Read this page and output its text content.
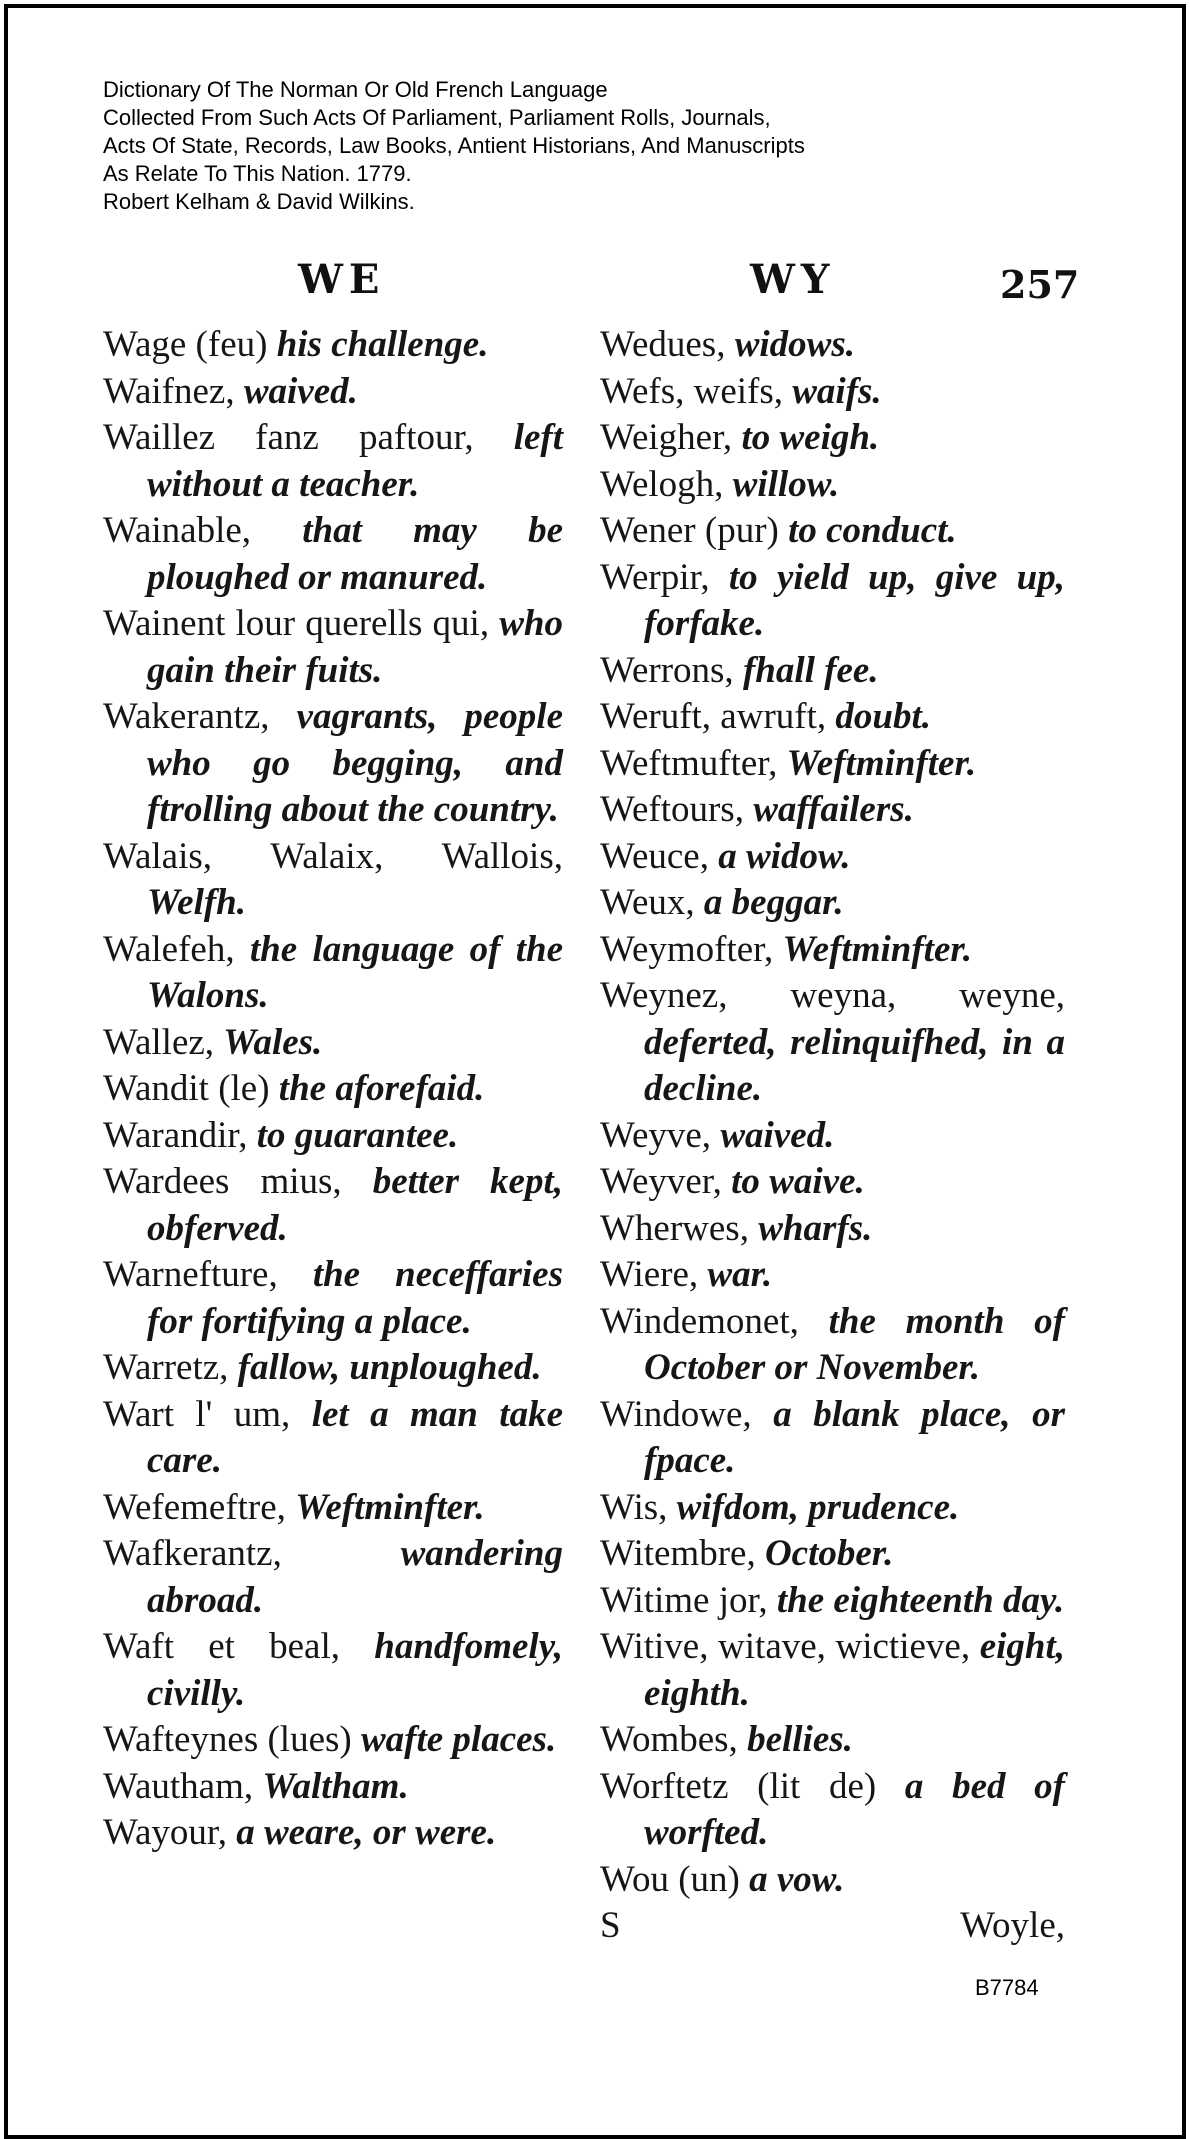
Dictionary Of The Norman Or Old French Language
Collected From Such Acts Of Parliament, Parliament Rolls, Journals,
Acts Of State, Records, Law Books, Antient Historians, And Manuscripts
As Relate To This Nation. 1779.
Robert Kelham & David Wilkins.
WE	WY	257
Wage (feu) his challenge.
Waifnez, waived.
Waillez fanz paftour, left without a teacher.
Wainable, that may be ploughed or manured.
Wainent lour querells qui, who gain their fuits.
Wakerantz, vagrants, people who go begging, and ftrolling about the country.
Walais, Walaix, Wallois, Welfh.
Walefeh, the language of the Walons.
Wallez, Wales.
Wandit (le) the aforefaid.
Warandir, to guarantee.
Wardees mius, better kept, obferved.
Warnefture, the neceffaries for fortifying a place.
Warretz, fallow, unploughed.
Wart l' um, let a man take care.
Wefemeftre, Weftminfter.
Wafkerantz,	wandering abroad.
Waft et beal, handfomely, civilly.
Wafteynes (lues) wafte places.
Wautham, Waltham.
Wayour, a weare, or were.
Wedues, widows.
Wefs, weifs, waifs.
Weigher, to weigh.
Welogh, willow.
Wener (pur) to conduct.
Werpir, to yield up, give up, forfake.
Werrons, fhall fee.
Weruft, awruft, doubt.
Weftmufter, Weftminfter.
Weftours, waffailers.
Weuce, a widow.
Weux, a beggar.
Weymofter, Weftminfter.
Weynez, weyna, weyne, deferted, relinquifhed, in a decline.
Weyve, waived.
Weyver, to waive.
Wherwes, wharfs.
Wiere, war.
Windemonet, the month of October or November.
Windowe, a blank place, or fpace.
Wis, wifdom, prudence.
Witembre, October.
Witime jor, the eighteenth day.
Witive, witave, wictieve, eight, eighth.
Wombes, bellies.
Worftetz (lit de) a bed of worfted.
Wou (un) a vow.
S	Woyle,
B7784
